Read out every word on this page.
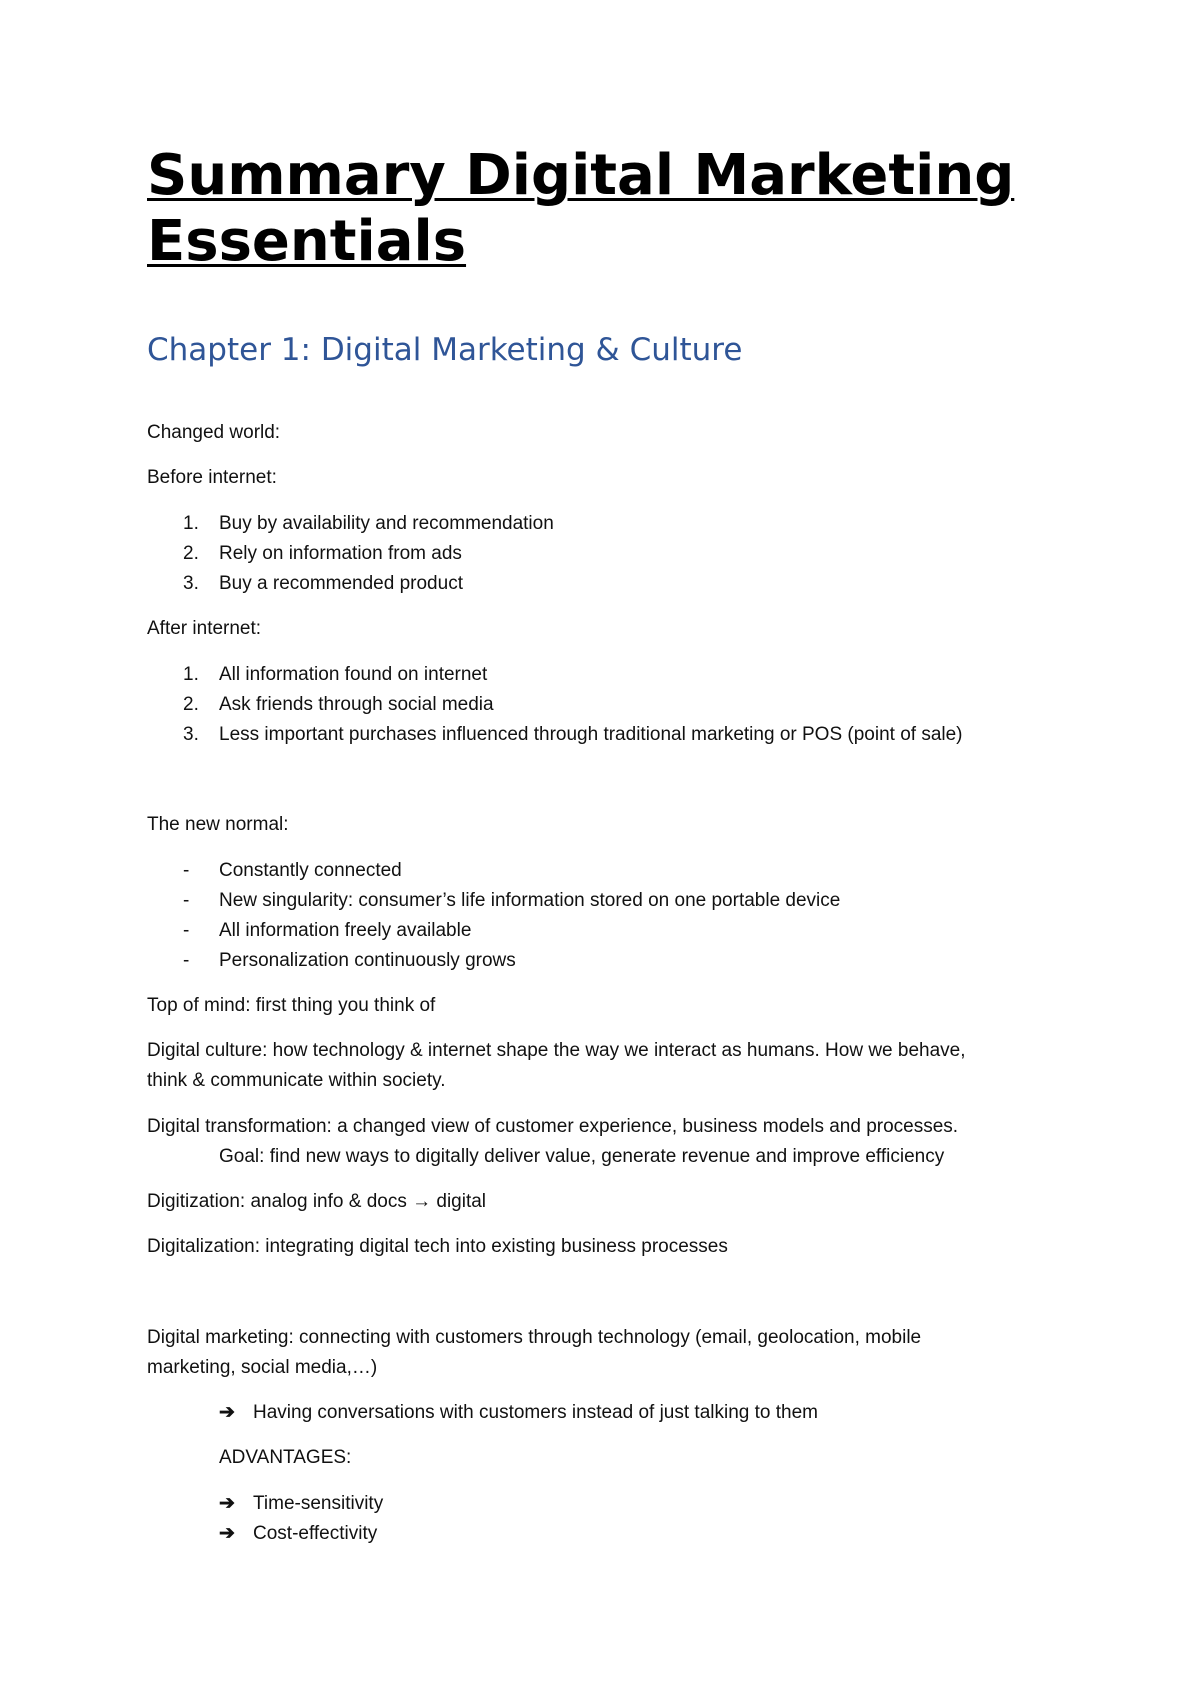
Summary Digital Marketing Essentials
Chapter 1: Digital Marketing & Culture

Changed world:

Before internet:

1. Buy by availability and recommendation
2. Rely on information from ads
3. Buy a recommended product

After internet:

1. All information found on internet
2. Ask friends through social media
3. Less important purchases influenced through traditional marketing or POS (point of sale)

The new normal:

- Constantly connected
- New singularity: consumer’s life information stored on one portable device
- All information freely available
- Personalization continuously grows

Top of mind: first thing you think of

Digital culture: how technology & internet shape the way we interact as humans. How we behave,

think & communicate within society.

Digital transformation: a changed view of customer experience, business models and processes.

Goal: find new ways to digitally deliver value, generate revenue and improve efficiency

Digitization: analog info & docs → digital

Digitalization: integrating digital tech into existing business processes

Digital marketing: connecting with customers through technology (email, geolocation, mobile

marketing, social media,…)

➔ Having conversations with customers instead of just talking to them
ADVANTAGES:
➔ Time-sensitivity
➔ Cost-effectivity
